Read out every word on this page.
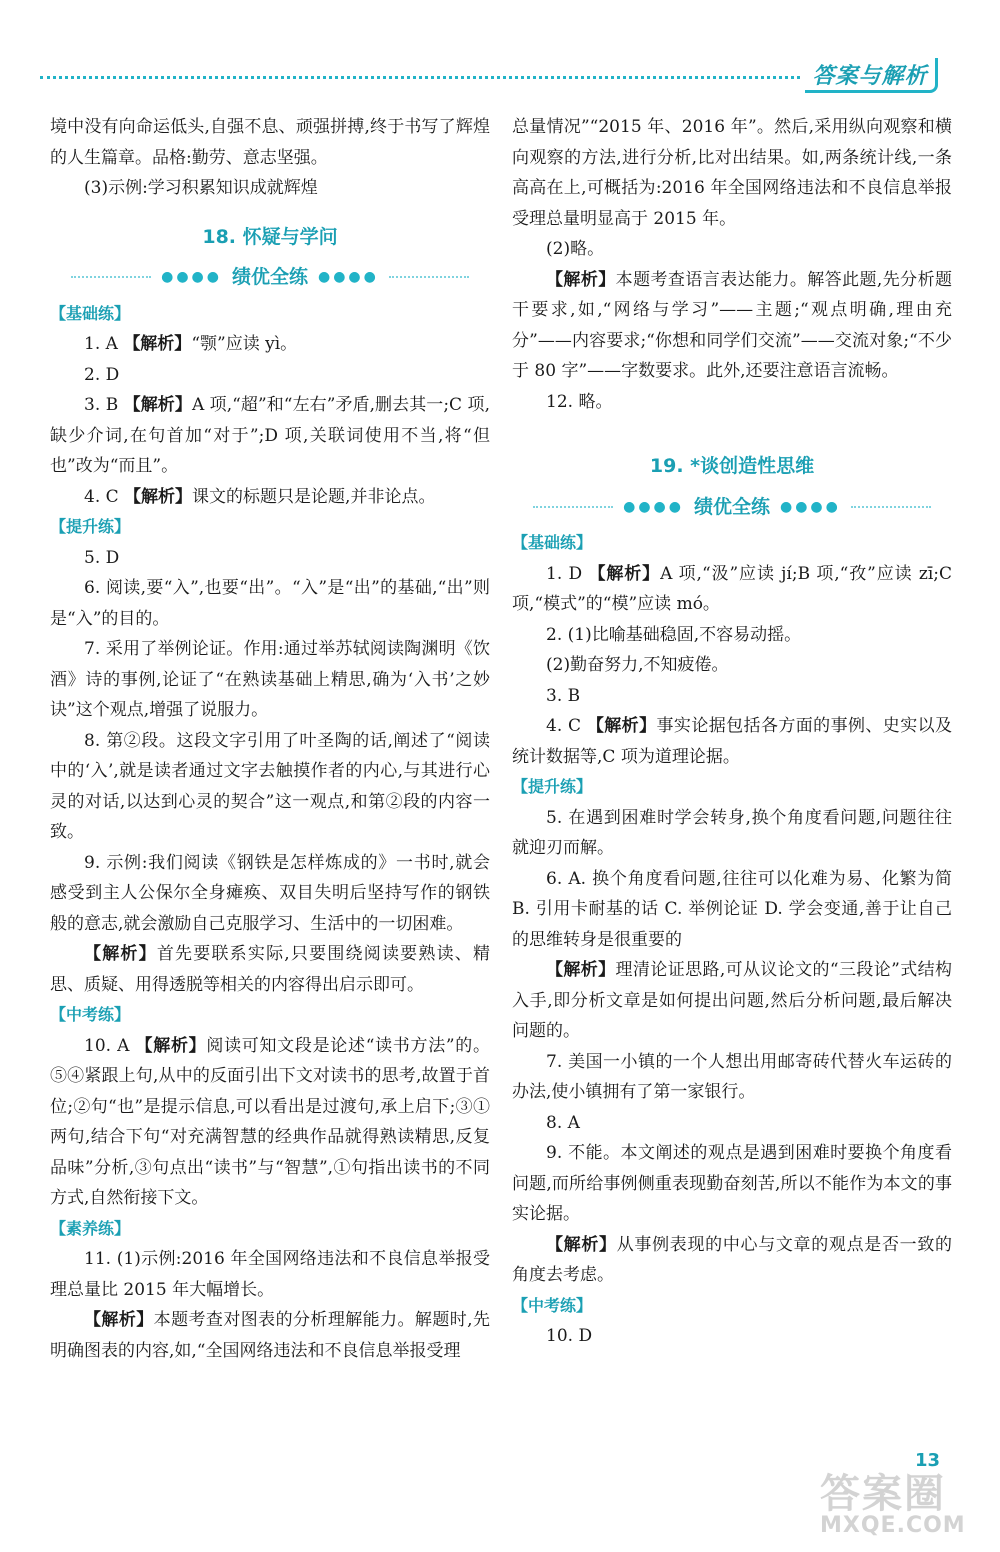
答案与解析

境中没有向命运低头,自强不息、顽强拼搏,终于书写了辉煌的人生篇章。品格:勤劳、意志坚强。

(3)示例:学习积累知识成就辉煌

18. 怀疑与学问
●●●● 绩优全练 ●●●●

【基础练】

1. A 【解析】“颚”应读 yì。

2. D

3. B 【解析】A 项,“超”和“左右”矛盾,删去其一;C 项,缺少介词,在句首加“对于”;D 项,关联词使用不当,将“但也”改为“而且”。

4. C 【解析】课文的标题只是论题,并非论点。

【提升练】

5. D

6. 阅读,要“入”,也要“出”。“入”是“出”的基础,“出”则是“入”的目的。

7. 采用了举例论证。作用:通过举苏轼阅读陶渊明《饮酒》诗的事例,论证了“在熟读基础上精思,确为‘入书’之妙诀”这个观点,增强了说服力。

8. 第②段。这段文字引用了叶圣陶的话,阐述了“阅读中的‘入’,就是读者通过文字去触摸作者的内心,与其进行心灵的对话,以达到心灵的契合”这一观点,和第②段的内容一致。

9. 示例:我们阅读《钢铁是怎样炼成的》一书时,就会感受到主人公保尔全身瘫痪、双目失明后坚持写作的钢铁般的意志,就会激励自己克服学习、生活中的一切困难。

【解析】首先要联系实际,只要围绕阅读要熟读、精思、质疑、用得透脱等相关的内容得出启示即可。

【中考练】

10. A 【解析】阅读可知文段是论述“读书方法”的。⑤④紧跟上句,从中的反面引出下文对读书的思考,故置于首位;②句“也”是提示信息,可以看出是过渡句,承上启下;③①两句,结合下句“对充满智慧的经典作品就得熟读精思,反复品味”分析,③句点出“读书”与“智慧”,①句指出读书的不同方式,自然衔接下文。

【素养练】

11. (1)示例:2016 年全国网络违法和不良信息举报受理总量比 2015 年大幅增长。

【解析】本题考查对图表的分析理解能力。解题时,先明确图表的内容,如,“全国网络违法和不良信息举报受理

总量情况”“2015 年、2016 年”。然后,采用纵向观察和横向观察的方法,进行分析,比对出结果。如,两条统计线,一条高高在上,可概括为:2016 年全国网络违法和不良信息举报受理总量明显高于 2015 年。

(2)略。

【解析】本题考查语言表达能力。解答此题,先分析题干要求,如,“网络与学习”——主题;“观点明确,理由充分”——内容要求;“你想和同学们交流”——交流对象;“不少于 80 字”——字数要求。此外,还要注意语言流畅。

12. 略。

19. *谈创造性思维
●●●● 绩优全练 ●●●●

【基础练】

1. D 【解析】A 项,“汲”应读 jí;B 项,“孜”应读 zī;C 项,“模式”的“模”应读 mó。

2. (1)比喻基础稳固,不容易动摇。

(2)勤奋努力,不知疲倦。

3. B

4. C 【解析】事实论据包括各方面的事例、史实以及统计数据等,C 项为道理论据。

【提升练】

5. 在遇到困难时学会转身,换个角度看问题,问题往往就迎刃而解。

6. A. 换个角度看问题,往往可以化难为易、化繁为简 B. 引用卡耐基的话 C. 举例论证 D. 学会变通,善于让自己的思维转身是很重要的

【解析】理清论证思路,可从议论文的“三段论”式结构入手,即分析文章是如何提出问题,然后分析问题,最后解决问题的。

7. 美国一小镇的一个人想出用邮寄砖代替火车运砖的办法,使小镇拥有了第一家银行。

8. A

9. 不能。本文阐述的观点是遇到困难时要换个角度看问题,而所给事例侧重表现勤奋刻苦,所以不能作为本文的事实论据。

【解析】从事例表现的中心与文章的观点是否一致的角度去考虑。

【中考练】

10. D

13
答案圈
MXQE.COM
